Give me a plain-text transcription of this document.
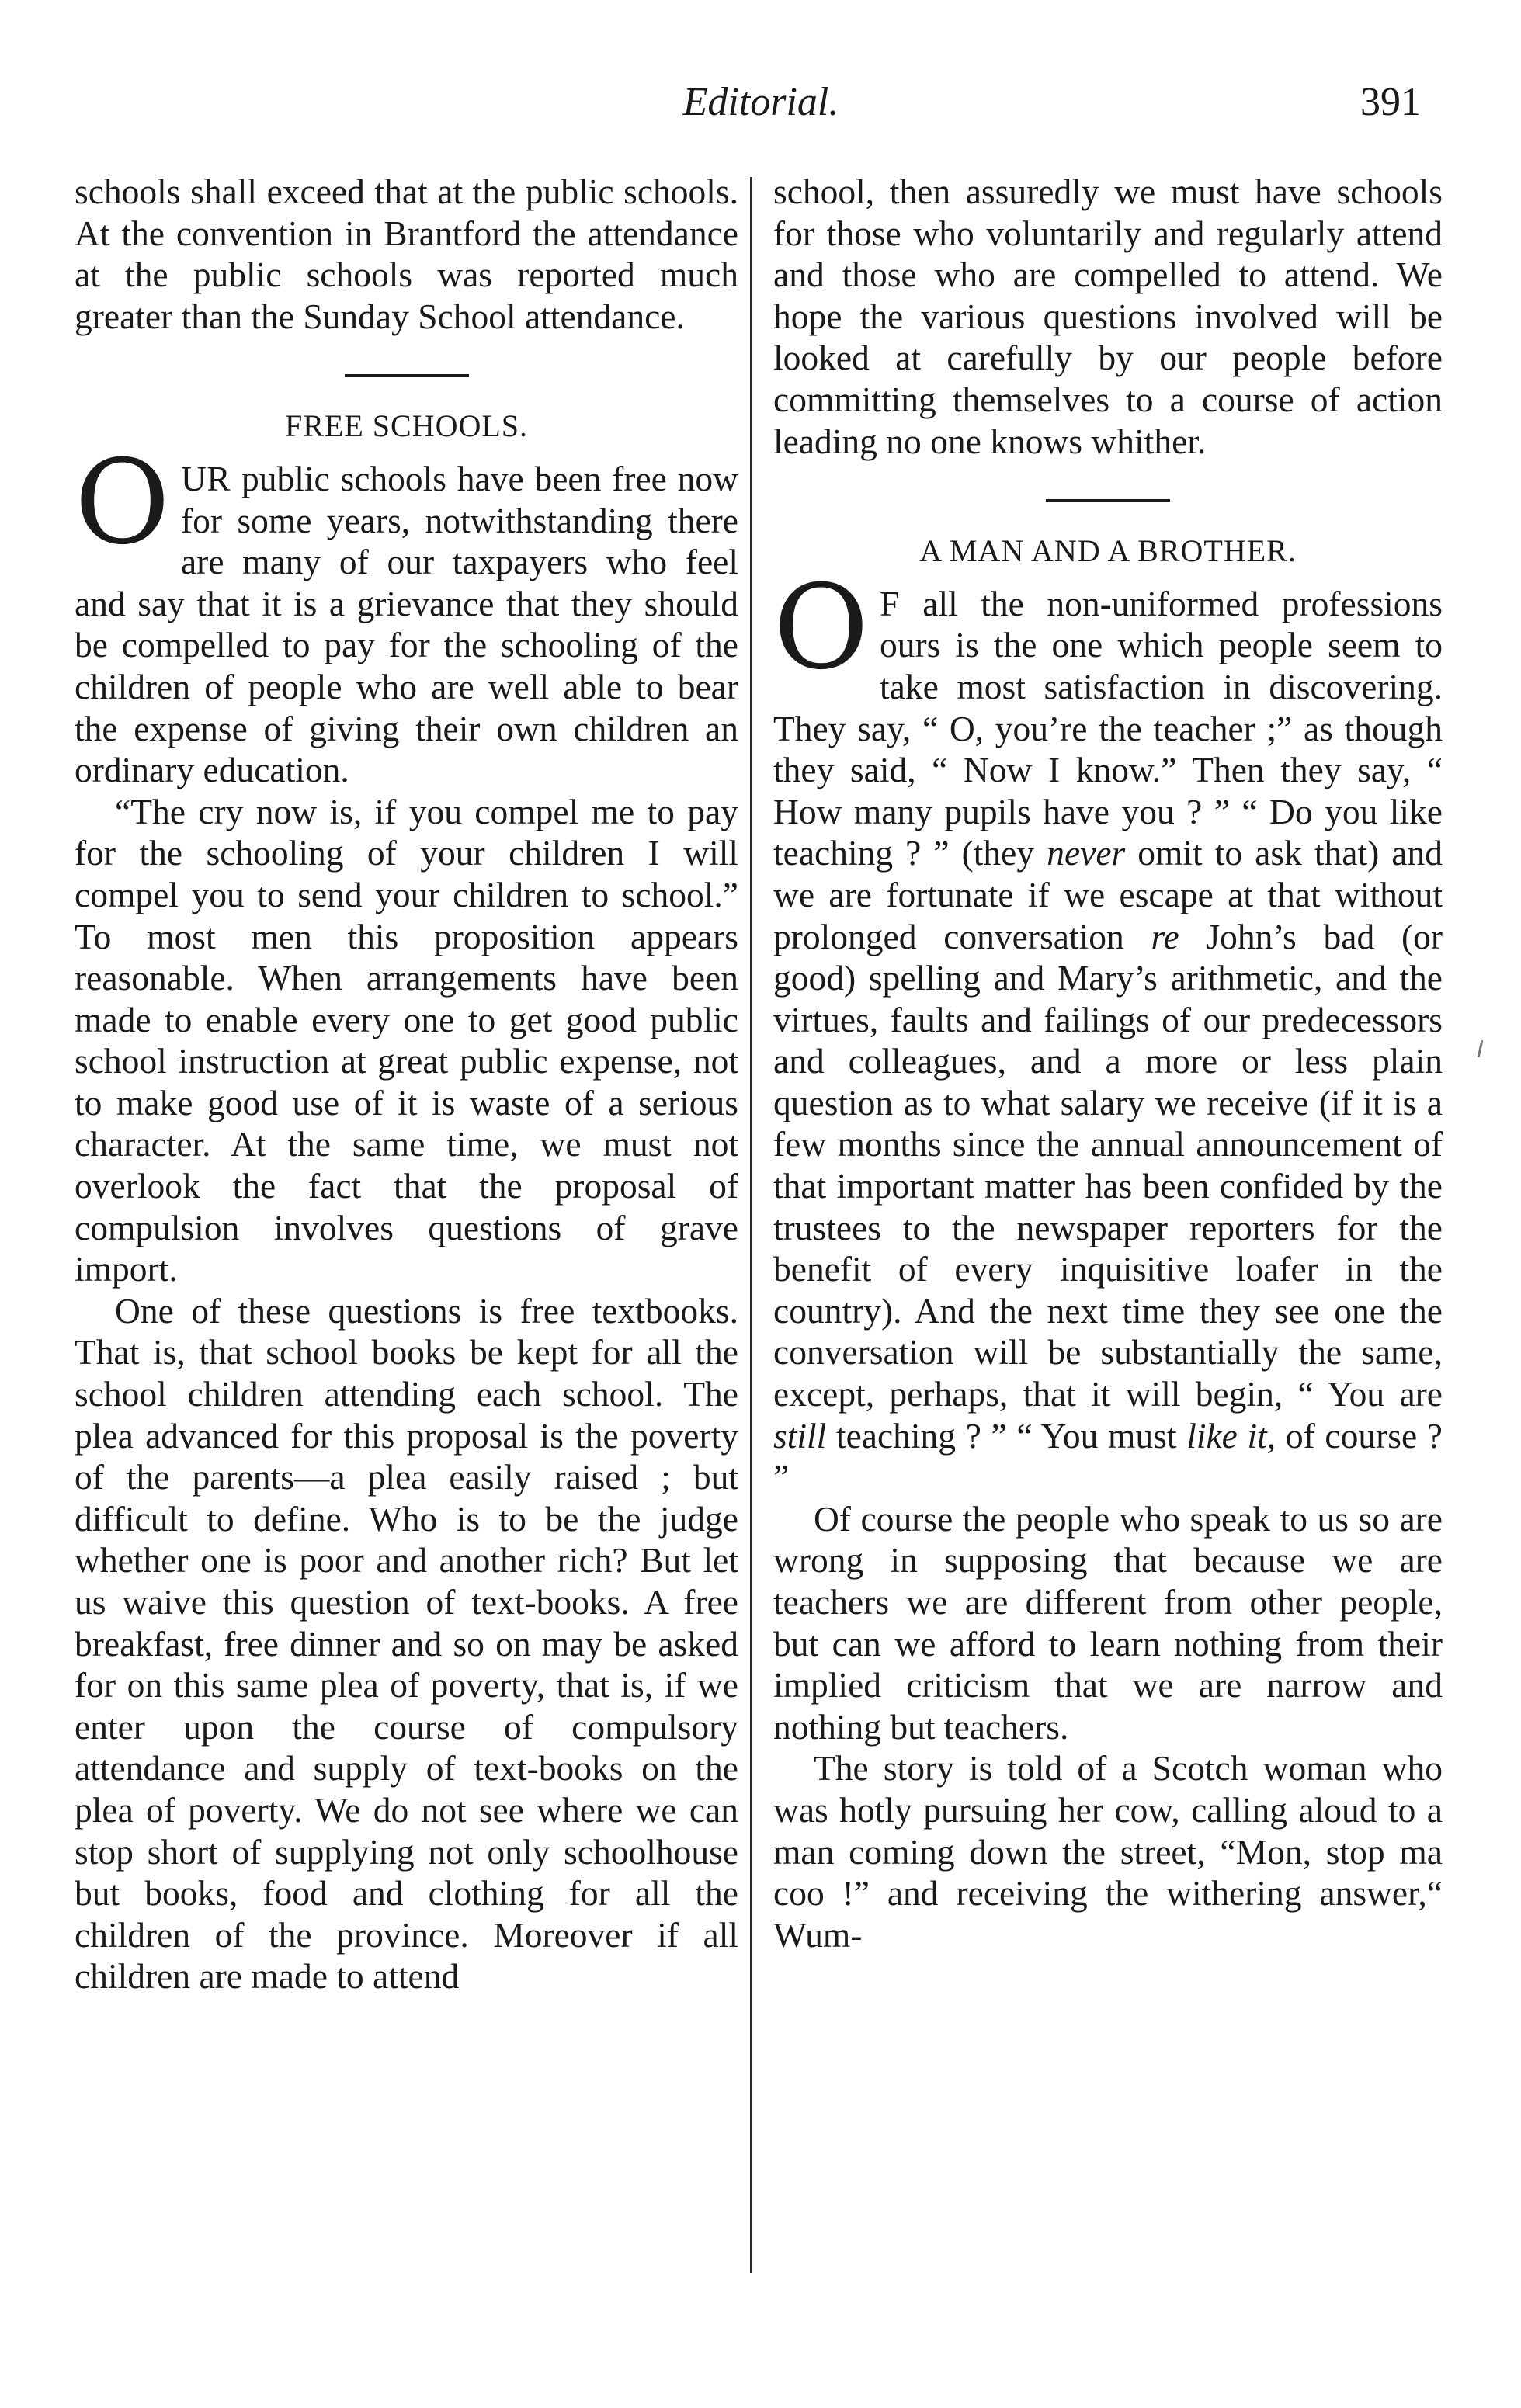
Editorial.	391

schools shall exceed that at the public schools. At the convention in Brantford the attendance at the public schools was reported much greater than the Sunday School attendance.

FREE SCHOOLS.

OUR public schools have been free now for some years, notwithstanding there are many of our taxpayers who feel and say that it is a grievance that they should be compelled to pay for the schooling of the children of people who are well able to bear the expense of giving their own children an ordinary education.

“The cry now is, if you compel me to pay for the schooling of your children I will compel you to send your children to school.” To most men this proposition appears reasonable. When arrangements have been made to enable every one to get good public school instruction at great public expense, not to make good use of it is waste of a serious character. At the same time, we must not overlook the fact that the proposal of compulsion involves questions of grave import.

One of these questions is free textbooks. That is, that school books be kept for all the school children attending each school. The plea advanced for this proposal is the poverty of the parents—a plea easily raised ; but difficult to define. Who is to be the judge whether one is poor and another rich? But let us waive this question of text-books. A free breakfast, free dinner and so on may be asked for on this same plea of poverty, that is, if we enter upon the course of compulsory attendance and supply of text-books on the plea of poverty. We do not see where we can stop short of supplying not only schoolhouse but books, food and clothing for all the children of the province. Moreover if all children are made to attend

school, then assuredly we must have schools for those who voluntarily and regularly attend and those who are compelled to attend. We hope the various questions involved will be looked at carefully by our people before committing themselves to a course of action leading no one knows whither.

A MAN AND A BROTHER.

O F all the non-uniformed professions ours is the one which people seem to take most satisfaction in discovering. They say, “ O, you’re the teacher ;” as though they said, “ Now I know.” Then they say, “ How many pupils have you ? ” “ Do you like teaching ? ” (they never omit to ask that) and we are fortunate if we escape at that without prolonged conversation re John’s bad (or good) spelling and Mary’s arithmetic, and the virtues, faults and failings of our predecessors and colleagues, and a more or less plain question as to what salary we receive (if it is a few months since the annual announcement of that important matter has been confided by the trustees to the newspaper reporters for the benefit of every inquisitive loafer in the country). And the next time they see one the conversation will be substantially the same, except, perhaps, that it will begin, “ You are still teaching ? ” “ You must like it, of course ? ”

Of course the people who speak to us so are wrong in supposing that because we are teachers we are different from other people, but can we afford to learn nothing from their implied criticism that we are narrow and nothing but teachers.

The story is told of a Scotch woman who was hotly pursuing her cow, calling aloud to a man coming down the street, “Mon, stop ma coo !” and receiving the withering answer,“ Wum-
